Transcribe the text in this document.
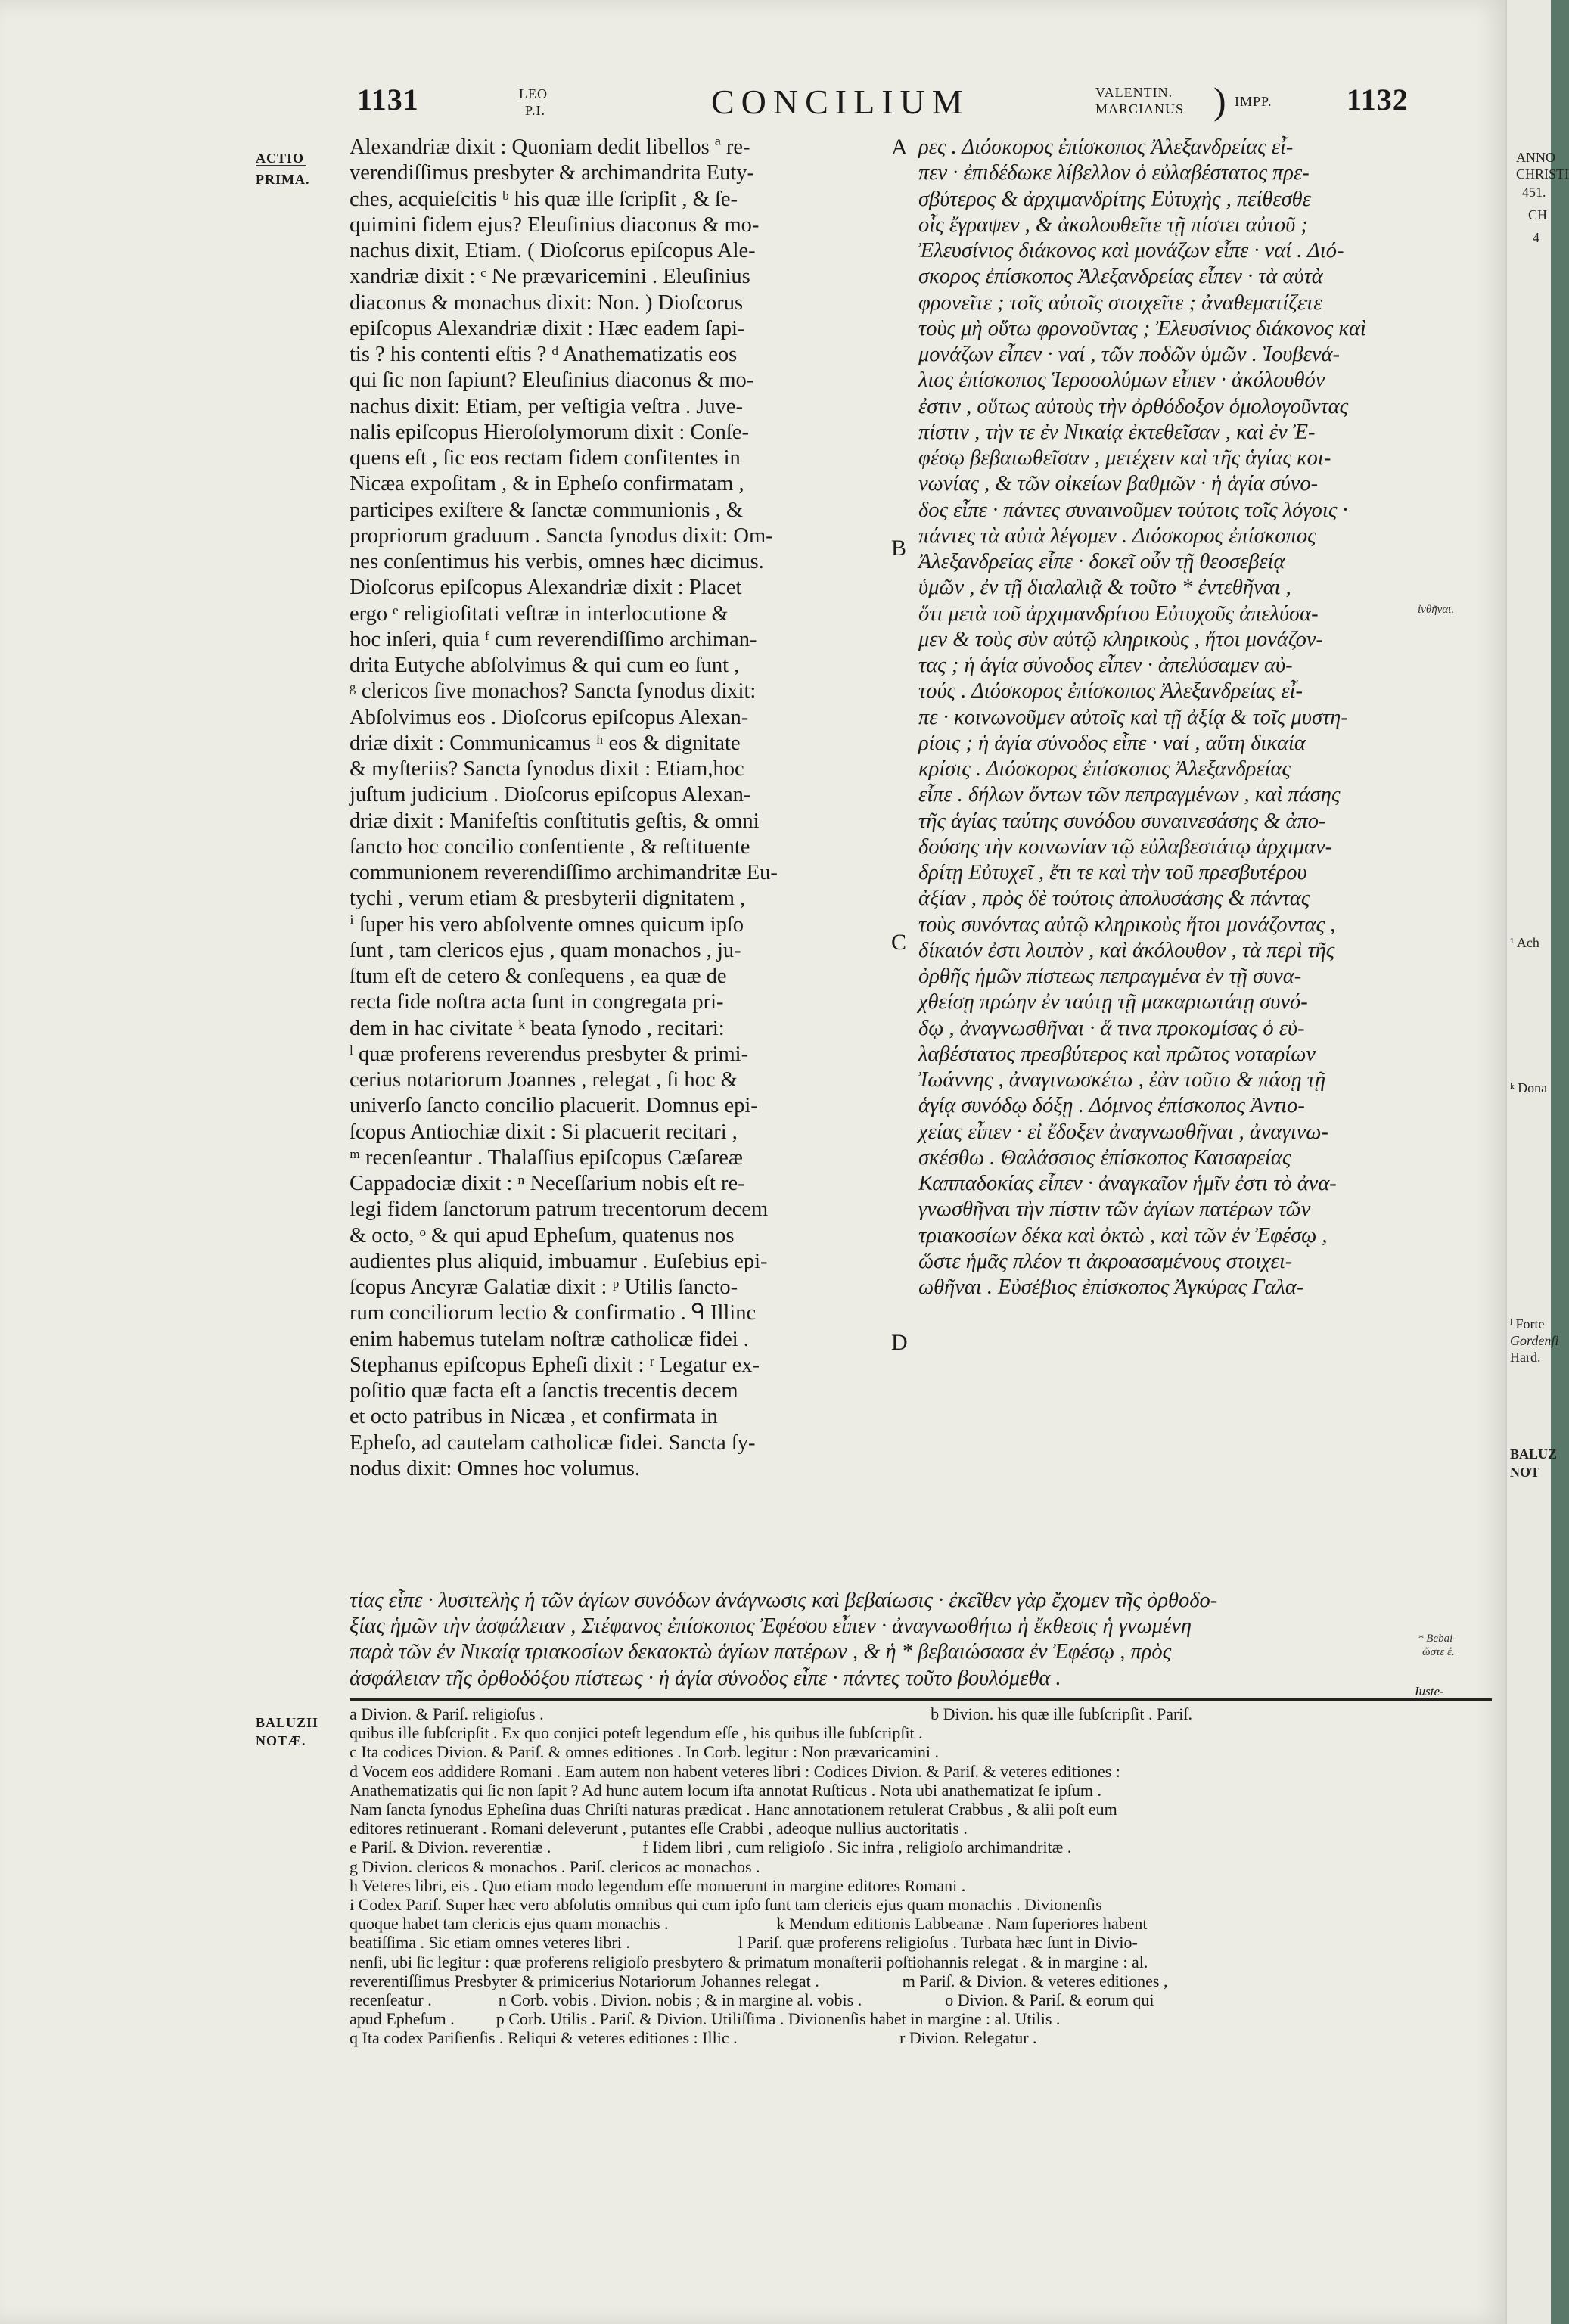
1131	LEO
P.I.	CONCILIUM	VALENTIN.
MARCIANUS ) IMPP. 1132
ACTIO
PRIMA.
BALUZII
NOTÆ.
A
B
C
D

Alexandriæ dixit : Quoniam dedit libellos ª re-

verendiſſimus presbyter & archimandrita Euty-

ches, acquieſcitis ᵇ his quæ ille ſcripſit , & ſe-

quimini fidem ejus? Eleuſinius diaconus & mo-

nachus dixit, Etiam. ( Dioſcorus epiſcopus Ale-

xandriæ dixit : ᶜ Ne prævaricemini . Eleuſinius

diaconus & monachus dixit: Non. ) Dioſcorus

epiſcopus Alexandriæ dixit : Hæc eadem ſapi-

tis ? his contenti eſtis ? ᵈ Anathematizatis eos

qui ſic non ſapiunt? Eleuſinius diaconus & mo-

nachus dixit: Etiam, per veſtigia veſtra . Juve-

nalis epiſcopus Hieroſolymorum dixit : Conſe-

quens eſt , ſic eos rectam fidem confitentes in

Nicæa expoſitam , & in Epheſo confirmatam ,

participes exiſtere & ſanctæ communionis , &

propriorum graduum . Sancta ſynodus dixit: Om-

nes conſentimus his verbis, omnes hæc dicimus.

Dioſcorus epiſcopus Alexandriæ dixit : Placet

ergo ᵉ religioſitati veſtræ in interlocutione &

hoc inſeri, quia ᶠ cum reverendiſſimo archiman-

drita Eutyche abſolvimus & qui cum eo ſunt ,

ᵍ clericos ſive monachos? Sancta ſynodus dixit:

Abſolvimus eos . Dioſcorus epiſcopus Alexan-

driæ dixit : Communicamus ʰ eos & dignitate

& myſteriis? Sancta ſynodus dixit : Etiam,hoc

juſtum judicium . Dioſcorus epiſcopus Alexan-

driæ dixit : Manifeſtis conſtitutis geſtis, & omni

ſancto hoc concilio conſentiente , & reſtituente

communionem reverendiſſimo archimandritæ Eu-

tychi , verum etiam & presbyterii dignitatem ,

ⁱ ſuper his vero abſolvente omnes quicum ipſo

ſunt , tam clericos ejus , quam monachos , ju-

ſtum eſt de cetero & conſequens , ea quæ de

recta fide noſtra acta ſunt in congregata pri-

dem in hac civitate ᵏ beata ſynodo , recitari:

ˡ quæ proferens reverendus presbyter & primi-

cerius notariorum Joannes , relegat , ſi hoc &

univerſo ſancto concilio placuerit. Domnus epi-

ſcopus Antiochiæ dixit : Si placuerit recitari ,

ᵐ recenſeantur . Thalaſſius epiſcopus Cæſareæ

Cappadociæ dixit : ⁿ Neceſſarium nobis eſt re-

legi fidem ſanctorum patrum trecentorum decem

& octo, ᵒ & qui apud Epheſum, quatenus nos

audientes plus aliquid, imbuamur . Euſebius epi-

ſcopus Ancyræ Galatiæ dixit : ᵖ Utilis ſancto-

rum conciliorum lectio & confirmatio . ᑫ Illinc

enim habemus tutelam noſtræ catholicæ fidei .

Stephanus epiſcopus Epheſi dixit : ʳ Legatur ex-

poſitio quæ facta eſt a ſanctis trecentis decem

et octo patribus in Nicæa , et confirmata in

Epheſo, ad cautelam catholicæ fidei. Sancta ſy-

nodus dixit: Omnes hoc volumus.

ρες . Διόσκορος ἐπίσκοπος Ἀλεξανδρείας εἶ-

πεν · ἐπιδέδωκε λίβελλον ὁ εὐλαβέστατος πρε-

σβύτερος & ἀρχιμανδρίτης Εὐτυχὴς , πείθεσθε

οἷς ἔγραψεν , & ἀκολουθεῖτε τῇ πίστει αὐτοῦ ;

Ἐλευσίνιος διάκονος καὶ μονάζων εἶπε · ναί . Διό-

σκορος ἐπίσκοπος Ἀλεξανδρείας εἶπεν · τὰ αὐτὰ

φρονεῖτε ; τοῖς αὐτοῖς στοιχεῖτε ; ἀναθεματίζετε

τοὺς μὴ οὕτω φρονοῦντας ; Ἐλευσίνιος διάκονος καὶ

μονάζων εἶπεν · ναί , τῶν ποδῶν ὑμῶν . Ἰουβενά-

λιος ἐπίσκοπος Ἱεροσολύμων εἶπεν · ἀκόλουθόν

ἐστιν , οὕτως αὐτοὺς τὴν ὀρθόδοξον ὁμολογοῦντας

πίστιν , τὴν τε ἐν Νικαίᾳ ἐκτεθεῖσαν , καὶ ἐν Ἐ-

φέσῳ βεβαιωθεῖσαν , μετέχειν καὶ τῆς ἁγίας κοι-

νωνίας , & τῶν οἰκείων βαθμῶν · ἡ ἁγία σύνο-

δος εἶπε · πάντες συναινοῦμεν τούτοις τοῖς λόγοις ·

πάντες τὰ αὐτὰ λέγομεν . Διόσκορος ἐπίσκοπος

Ἀλεξανδρείας εἶπε · δοκεῖ οὖν τῇ θεοσεβείᾳ

ὑμῶν , ἐν τῇ διαλαλιᾷ & τοῦτο * ἐντεθῆναι ,

ὅτι μετὰ τοῦ ἀρχιμανδρίτου Εὐτυχοῦς ἀπελύσα-

μεν & τοὺς σὺν αὐτῷ κληρικοὺς , ἤτοι μονάζον-

τας ; ἡ ἁγία σύνοδος εἶπεν · ἀπελύσαμεν αὐ-

τούς . Διόσκορος ἐπίσκοπος Ἀλεξανδρείας εἶ-

πε · κοινωνοῦμεν αὐτοῖς καὶ τῇ ἀξίᾳ & τοῖς μυστη-

ρίοις ; ἡ ἁγία σύνοδος εἶπε · ναί , αὕτη δικαία

κρίσις . Διόσκορος ἐπίσκοπος Ἀλεξανδρείας

εἶπε . δήλων ὄντων τῶν πεπραγμένων , καὶ πάσης

τῆς ἁγίας ταύτης συνόδου συναινεσάσης & ἀπο-

δούσης τὴν κοινωνίαν τῷ εὐλαβεστάτῳ ἀρχιμαν-

δρίτῃ Εὐτυχεῖ , ἔτι τε καὶ τὴν τοῦ πρεσβυτέρου

ἀξίαν , πρὸς δὲ τούτοις ἀπολυσάσης & πάντας

τοὺς συνόντας αὐτῷ κληρικοὺς ἤτοι μονάζοντας ,

δίκαιόν ἐστι λοιπὸν , καὶ ἀκόλουθον , τὰ περὶ τῆς

ὀρθῆς ἡμῶν πίστεως πεπραγμένα ἐν τῇ συνα-

χθείσῃ πρώην ἐν ταύτῃ τῇ μακαριωτάτῃ συνό-

δῳ , ἀναγνωσθῆναι · ἅ τινα προκομίσας ὁ εὐ-

λαβέστατος πρεσβύτερος καὶ πρῶτος νοταρίων

Ἰωάννης , ἀναγινωσκέτω , ἐὰν τοῦτο & πάσῃ τῇ

ἁγίᾳ συνόδῳ δόξῃ . Δόμνος ἐπίσκοπος Ἀντιο-

χείας εἶπεν · εἰ ἔδοξεν ἀναγνωσθῆναι , ἀναγινω-

σκέσθω . Θαλάσσιος ἐπίσκοπος Καισαρείας

Καππαδοκίας εἶπεν · ἀναγκαῖον ἡμῖν ἐστι τὸ ἀνα-

γνωσθῆναι τὴν πίστιν τῶν ἁγίων πατέρων τῶν

τριακοσίων δέκα καὶ ὀκτὼ , καὶ τῶν ἐν Ἐφέσῳ ,

ὥστε ἡμᾶς πλέον τι ἀκροασαμένους στοιχει-

ωθῆναι . Εὐσέβιος ἐπίσκοπος Ἀγκύρας Γαλα-

τίας εἶπε · λυσιτελὴς ἡ τῶν ἁγίων συνόδων ἀνάγνωσις καὶ βεβαίωσις · ἐκεῖθεν γὰρ ἔχομεν τῆς ὀρθοδο-

ξίας ἡμῶν τὴν ἀσφάλειαν , Στέφανος ἐπίσκοπος Ἐφέσου εἶπεν · ἀναγνωσθήτω ἡ ἔκθεσις ἡ γνωμένη

παρὰ τῶν ἐν Νικαίᾳ τριακοσίων δεκαοκτὼ ἁγίων πατέρων , & ἡ * βεβαιώσασα ἐν Ἐφέσῳ , πρὸς

ἀσφάλειαν τῆς ὀρθοδόξου πίστεως · ἡ ἁγία σύνοδος εἶπε · πάντες τοῦτο βουλόμεθα .

ἰνθῆναι.
* Bebai-
ὥστε ἐ.
Iuste-

a Divion. & Pariſ. religioſus .                                                                                             b Divion. his quæ ille ſubſcripſit . Pariſ.

quibus ille ſubſcripſit . Ex quo conjici poteſt legendum eſſe , his quibus ille ſubſcripſit .

c Ita codices Divion. & Pariſ. & omnes editiones . In Corb. legitur : Non prævaricamini .

d Vocem eos addidere Romani . Eam autem non habent veteres libri : Codices Divion. & Pariſ. & veteres editiones :

Anathematizatis qui ſic non ſapit ? Ad hunc autem locum iſta annotat Ruſticus . Nota ubi anathematizat ſe ipſum .

Nam ſancta ſynodus Epheſina duas Chriſti naturas prædicat . Hanc annotationem retulerat Crabbus , & alii poſt eum

editores retinuerant . Romani deleverunt , putantes eſſe Crabbi , adeoque nullius auctoritatis .

e Pariſ. & Divion. reverentiæ .                      f Iidem libri , cum religioſo . Sic infra , religioſo archimandritæ .

g Divion. clericos & monachos . Pariſ. clericos ac monachos .

h Veteres libri, eis . Quo etiam modo legendum eſſe monuerunt in margine editores Romani .

i Codex Pariſ. Super hæc vero abſolutis omnibus qui cum ipſo ſunt tam clericis ejus quam monachis . Divionenſis

quoque habet tam clericis ejus quam monachis .                          k Mendum editionis Labbeanæ . Nam ſuperiores habent

beatiſſima . Sic etiam omnes veteres libri .                          l Pariſ. quæ proferens religioſus . Turbata hæc ſunt in Divio-

nenſi, ubi ſic legitur : quæ proferens religioſo presbytero & primatum monaſterii poſtiohannis relegat . & in margine : al.

reverentiſſimus Presbyter & primicerius Notariorum Johannes relegat .                    m Pariſ. & Divion. & veteres editiones ,

recenſeatur .                n Corb. vobis . Divion. nobis ; & in margine al. vobis .                    o Divion. & Pariſ. & eorum qui

apud Epheſum .          p Corb. Utilis . Pariſ. & Divion. Utiliſſima . Divionenſis habet in margine : al. Utilis .

q Ita codex Pariſienſis . Reliqui & veteres editiones : Illic .                                       r Divion. Relegatur .

ANNO
CHRISTI
451.
CH
4
¹ Ach
ᵏ Dona
ˡ Forte
Gordenſi
Hard.
BALUZ
NOT
